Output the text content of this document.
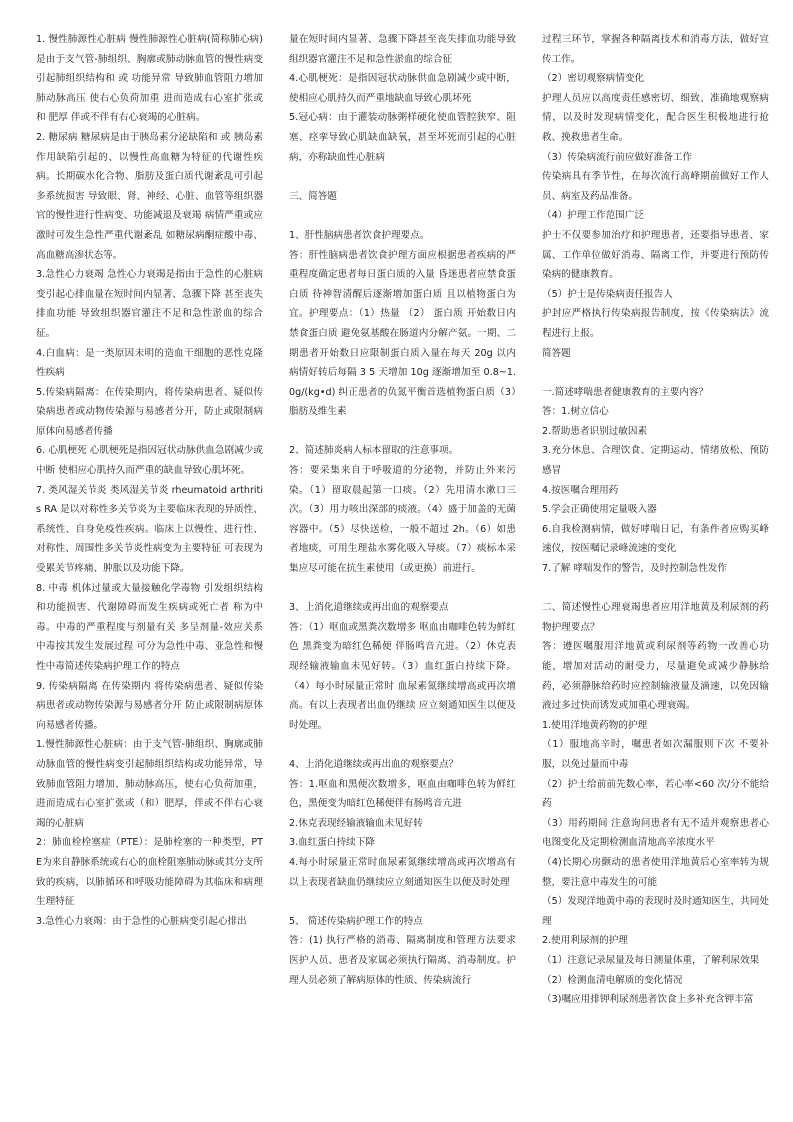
1. 慢性肺源性心脏病 慢性肺源性心脏病(简称肺心病)是由于支气管-肺组织、胸廓或肺动脉血管的慢性病变引起肺组织结构和 或 功能异常 导致肺血管阻力增加 肺动脉高压 使右心负荷加重 进而造成右心室扩张或 和 肥厚 伴或不伴有右心衰竭的心脏病。

2. 糖尿病 糖尿病是由于胰岛素分泌缺陷和 或 胰岛素作用缺陷引起的、以慢性高血糖为特征的代谢性疾病。长期碳水化合物、脂肪及蛋白质代谢紊乱可引起多系统损害 导致眼、肾、神经、心脏、血管等组织器官的慢性进行性病变、功能减退及衰竭 病情严重或应激时可发生急性严重代谢紊乱 如糖尿病酮症酸中毒、高血糖高渗状态等。

3.急性心力衰竭 急性心力衰竭是指由于急性的心脏病变引起心排血量在短时间内显著、急骤下降 甚至丧失排血功能 导致组织器官灌注不足和急性淤血的综合征。

4.白血病：是一类原因未明的造血干细胞的恶性克隆性疾病

5.传染病隔离：在传染期内，将传染病患者、疑似传染病患者或动物传染源与易感者分开，防止或限制病原体向易感者传播

6. 心肌梗死 心肌梗死是指因冠状动脉供血急剧减少或中断 使相应心肌持久而严重的缺血导致心肌坏死。

7. 类风湿关节炎 类风湿关节炎 rheumatoid arthritis RA 是以对称性多关节炎为主要临床表现的异质性、系统性、自身免疫性疾病。临床上以慢性、进行性、对称性、周围性多关节炎性病变为主要特征 可表现为受累关节疼痛、肿胀以及功能下降。

8. 中毒 机体过量或大量接触化学毒物 引发组织结构和功能损害、代谢障碍而发生疾病或死亡者 称为中毒。中毒的严重程度与剂量有关 多呈剂量-效应关系 中毒按其发生发展过程 可分为急性中毒、亚急性和慢性中毒简述传染病护理工作的特点

9. 传染病隔离 在传染期内 将传染病患者、疑似传染病患者或动物传染源与易感者分开 防止或限制病原体向易感者传播。

1.慢性肺源性心脏病：由于支气管-肺组织、胸廓或肺动脉血管的慢性病变引起肺组织结构或功能异常，导致肺血管阻力增加、肺动脉高压，使右心负荷加重，进而造成右心室扩张或（和）肥厚，伴或不伴右心衰竭的心脏病

2：肺血栓栓塞症（PTE）：是肺栓塞的一种类型，PTE为来自静脉系统或右心的血栓阻塞肺动脉或其分支所致的疾病，以肺循环和呼吸功能障碍为其临床和病理生理特征

3.急性心力衰竭：由于急性的心脏病变引起心排出

量在短时间内显著、急骤下降甚至丧失排血功能导致组织器官灌注不足和急性淤血的综合征

4.心肌梗死：是指因冠状动脉供血急剧减少或中断，使相应心肌持久而严重地缺血导致心肌坏死

5.冠心病：由于灌装动脉粥样硬化使血管腔狭窄、阻塞、痉挛导致心肌缺血缺氧，甚至坏死而引起的心脏病，亦称缺血性心脏病

三、简答题

1、肝性脑病患者饮食护理要点。

答：肝性脑病患者饮食护理方面应根据患者疾病的严重程度确定患者每日蛋白质的入量 昏迷患者应禁食蛋白质 待神智清醒后逐渐增加蛋白质 且以植物蛋白为宜。护理要点：（1）热量 （2） 蛋白质 开始数日内禁食蛋白质 避免氨基酸在肠道内分解产氨。一期、二期患者开始数日应限制蛋白质入量在每天 20g 以内 病情好转后每隔 3 5 天增加 10g 逐渐增加至 0.8~1.0g/(kg•d) 纠正患者的负氮平衡首选植物蛋白质（3）脂肪及维生素

2、简述肺炎病人标本留取的注意事项。

答：要采集来自于呼吸道的分泌物，并防止外来污染。（1）留取晨起第一口痰。（2）先用清水漱口三次。（3）用力咳出深部的痰液。（4）盛于加盖的无菌容器中。（5）尽快送检，一般不超过 2h。（6）如患者地痰，可用生理盐水雾化吸入导痰。（7）痰标本采集应尽可能在抗生素使用（或更换）前进行。

3、上消化道继续或再出血的观察要点

答：（1）呕血或黑粪次数增多 呕血由咖啡色转为鲜红色 黑粪变为暗红色稀便 伴肠鸣音亢进。（2）休克表现经输液输血未见好转。（3）血红蛋白持续下降。（4）每小时尿量正常时 血尿素氮继续增高或再次增高。有以上表现者出血仍继续 应立刻通知医生以便及时处理。

4、上消化道继续或再出血的观察要点？

答：1.呕血和黑便次数增多，呕血由咖啡色转为鲜红色，黑便变为暗红色稀便伴有肠鸣音亢进

2.休克表现经输液输血未见好转

3.血红蛋白持续下降

4.每小时尿量正常时血尿素氮继续增高或再次增高有以上表现者缺血仍继续应立刻通知医生以便及时处理

5、 简述传染病护理工作的特点

答：(1) 执行严格的消毒、隔离制度和管理方法要求医护人员、患者及家属必须执行隔离、消毒制度。护理人员必须了解病原体的性质、传染病流行

过程三环节，掌握各种隔离技术和消毒方法，做好宣传工作。

（2）密切观察病情变化

护理人员应以高度责任感密切、细致、准确地观察病情，以及时发现病情变化，配合医生积极地进行抢救、挽救患者生命。

（3）传染病流行前应做好准备工作

传染病具有季节性，在每次流行高峰期前做好工作人员、病室及药品准备。

（4）护理工作范围广泛

护士不仅要参加治疗和护理患者，还要指导患者、家属、工作单位做好消毒、隔离工作，并要进行预防传染病的健康教育。

（5）护士是传染病责任报告人

护封应严格执行传染病报告制度，按《传染病法》流程进行上报。

简答题

一.简述哮喘患者健康教育的主要内容？

答：1.树立信心

2.帮助患者识别过敏因素

3.充分休息、合理饮食、定期运动、情绪放松、预防感冒

4.按医嘱合理用药

5.学会正确使用定量吸入器

6.自我检测病情，做好哮喘日记，有条件者应购买峰速仪，按医嘱记录峰流速的变化

7.了解 哮喘发作的警告，及时控制急性发作

二、简述慢性心理衰竭患者应用洋地黄及利尿剂的药物护理要点？

答：遵医嘱服用洋地黄或利尿剂等药物一改善心功能，增加对活动的耐受力，尽量避免或减少静脉给药，必须静脉给药时应控制输液量及滴速，以免因输液过多过快而诱发或加重心理衰竭。

1.使用洋地黄药物的护理

（1）服地高辛时，嘱患者如次漏服则下次 不要补服，以免过量而中毒

（2）护士给前前先数心率，若心率<60 次/分不能给药

（3）用药期间 注意询问患者有无不适并观察患者心电图变化及定期检测血清地高辛浓度水平

（4)长期心房颤动的患者使用洋地黄后心室率转为规整，要注意中毒发生的可能

（5）发现洋地黄中毒的表现时及时通知医生，共同处理

2.使用利尿剂的护理

（1）注意记录尿量及每日测量体重，了解利尿效果

（2）检测血清电解质的变化情况

（3)嘱应用排钾利尿剂患者饮食上多补充含钾丰富
